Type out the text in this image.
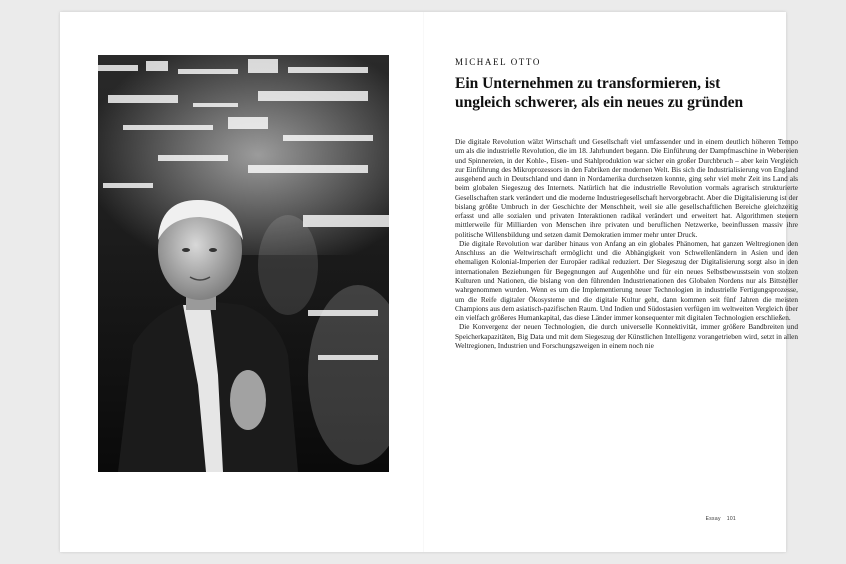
MICHAEL OTTO
Ein Unternehmen zu transformieren, ist ungleich schwerer, als ein neues zu gründen

Die digitale Revolution wälzt Wirtschaft und Gesellschaft viel umfassender und in einem deutlich höheren Tempo um als die industrielle Revolution, die im 18. Jahrhundert begann. Die Einführung der Dampfmaschine in Webereien und Spinnereien, in der Kohle-, Eisen- und Stahlproduktion war sicher ein großer Durchbruch – aber kein Vergleich zur Einführung des Mikroprozessors in den Fabriken der modernen Welt. Bis sich die Industrialisierung von England ausgehend auch in Deutschland und dann in Nordamerika durchsetzen konnte, ging sehr viel mehr Zeit ins Land als beim globalen Siegeszug des Internets. Natürlich hat die industrielle Revolution vormals agrarisch strukturierte Gesellschaften stark verändert und die moderne Industriegesellschaft hervorgebracht. Aber die Digitalisierung ist der bislang größte Umbruch in der Geschichte der Menschheit, weil sie alle gesellschaftlichen Bereiche gleichzeitig erfasst und alle sozialen und privaten Interaktionen radikal verändert und erweitert hat. Algorithmen steuern mittlerweile für Milliarden von Menschen ihre privaten und beruflichen Netzwerke, beeinflussen massiv ihre politische Willensbildung und setzen damit Demokratien immer mehr unter Druck.

Die digitale Revolution war darüber hinaus von Anfang an ein globales Phänomen, hat ganzen Weltregionen den Anschluss an die Weltwirtschaft ermöglicht und die Abhängigkeit von Schwellenländern in Asien und den ehemaligen Kolonial-Imperien der Europäer radikal reduziert. Der Siegeszug der Digitalisierung sorgt also in den internationalen Beziehungen für Begegnungen auf Augenhöhe und für ein neues Selbstbewusstsein von stolzen Kulturen und Nationen, die bislang von den führenden Industrienationen des Globalen Nordens nur als Bittsteller wahrgenommen wurden. Wenn es um die Implementierung neuer Technologien in industrielle Fertigungsprozesse, um die Reife digitaler Ökosysteme und die digitale Kultur geht, dann kommen seit fünf Jahren die meisten Champions aus dem asiatisch-pazifischen Raum. Und Indien und Südostasien verfügen im weltweiten Vergleich über ein vielfach größeres Humankapital, das diese Länder immer konsequenter mit digitalen Technologien erschließen.

Die Konvergenz der neuen Technologien, die durch universelle Konnektivität, immer größere Bandbreiten und Speicherkapazitäten, Big Data und mit dem Siegeszug der Künstlichen Intelligenz vorangetrieben wird, setzt in allen Weltregionen, Industrien und Forschungszweigen in einem noch nie

Essay 101
